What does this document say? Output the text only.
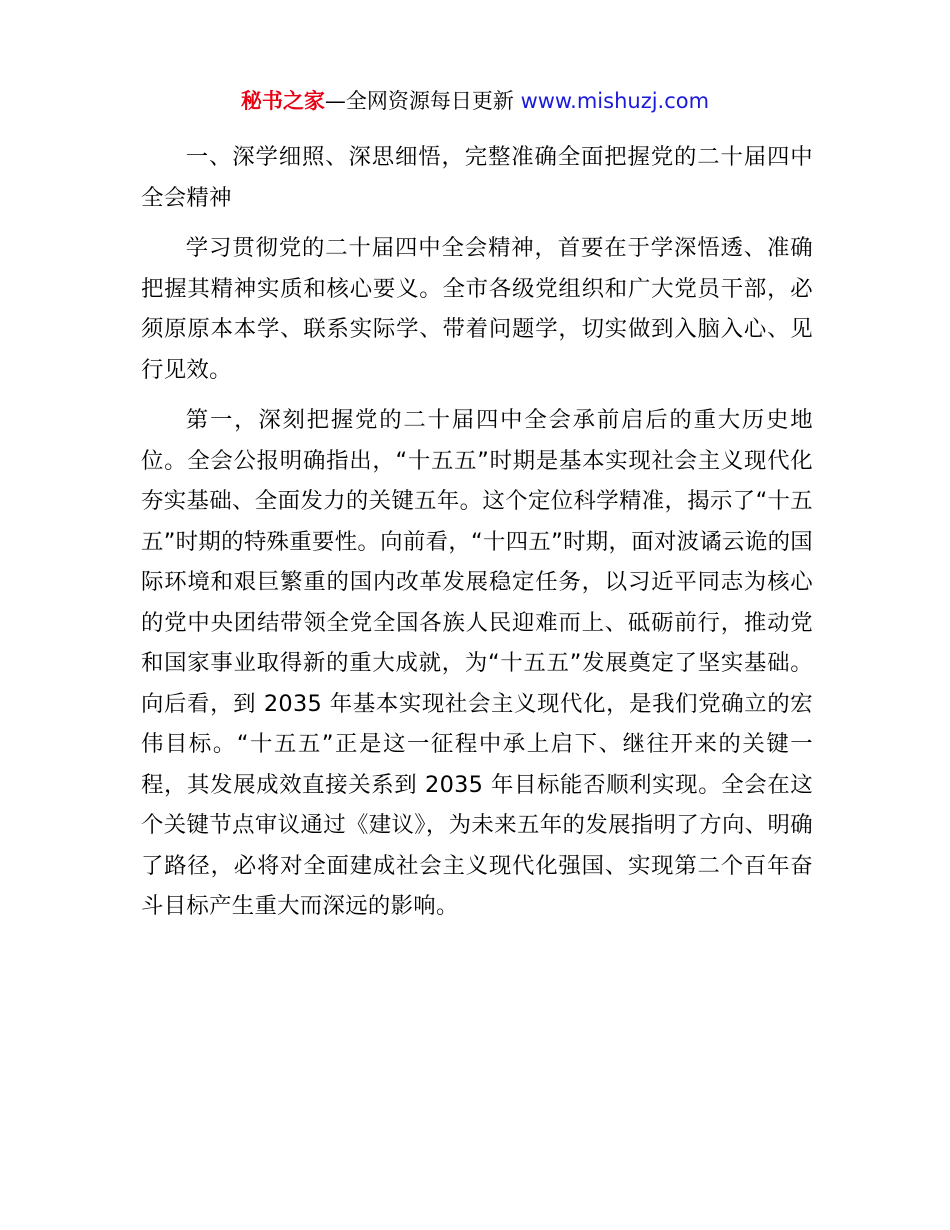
秘书之家—全网资源每日更新 www.mishuzj.com

一、深学细照、深思细悟，完整准确全面把握党的二十届四中全会精神

学习贯彻党的二十届四中全会精神，首要在于学深悟透、准确把握其精神实质和核心要义。全市各级党组织和广大党员干部，必须原原本本学、联系实际学、带着问题学，切实做到入脑入心、见行见效。

第一，深刻把握党的二十届四中全会承前启后的重大历史地位。全会公报明确指出，“十五五”时期是基本实现社会主义现代化夯实基础、全面发力的关键五年。这个定位科学精准，揭示了“十五五”时期的特殊重要性。向前看，“十四五”时期，面对波谲云诡的国际环境和艰巨繁重的国内改革发展稳定任务，以习近平同志为核心的党中央团结带领全党全国各族人民迎难而上、砥砺前行，推动党和国家事业取得新的重大成就，为“十五五”发展奠定了坚实基础。向后看，到 2035 年基本实现社会主义现代化，是我们党确立的宏伟目标。“十五五”正是这一征程中承上启下、继往开来的关键一程，其发展成效直接关系到 2035 年目标能否顺利实现。全会在这个关键节点审议通过《建议》，为未来五年的发展指明了方向、明确了路径，必将对全面建成社会主义现代化强国、实现第二个百年奋斗目标产生重大而深远的影响。
